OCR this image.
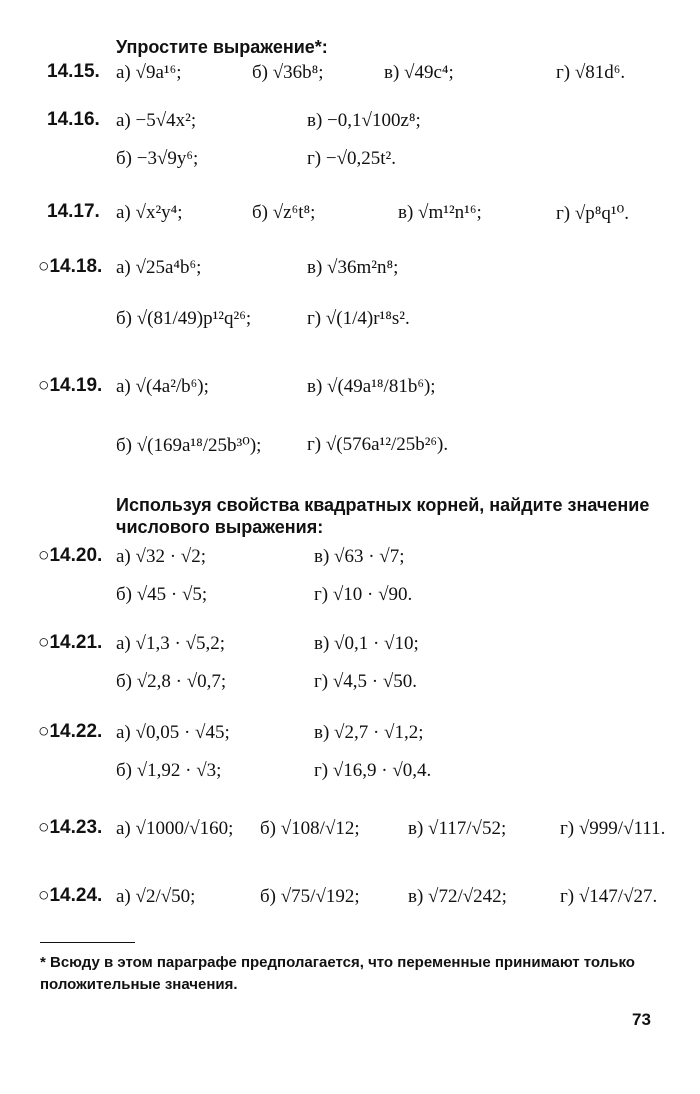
Упростите выражение*:
14.15. а) √9a¹⁶;	б) √36b⁸;	в) √49c⁴;	г) √81d⁶.
14.16. а) −5√4x²;	в) −0,1√100z⁸;
б) −3√9y⁶;	г) −√0,25t².
14.17. а) √x²y⁴;	б) √z⁶t⁸;	в) √m¹²n¹⁶;	г) √p⁸q¹⁰.
○14.18. а) √25a⁴b⁶;	в) √36m²n⁸;
б) √(81/49)p¹²q²⁶;	г) √(1/4)r¹⁸s².
○14.19. а) √(4a²/b⁶);	в) √(49a¹⁸/81b⁶);
б) √(169a¹⁸/25b³⁰); г) √(576a¹²/25b²⁶).
○14.20. а) √32 · √2;	в) √63 · √7;
б) √45 · √5;	г) √10 · √90.
○14.21. а) √1,3 · √5,2;	в) √0,1 · √10;
б) √2,8 · √0,7;	г) √4,5 · √50.
○14.22. а) √0,05 · √45;	в) √2,7 · √1,2;
б) √1,92 · √3;	г) √16,9 · √0,4.
○14.23. а) √1000/√160; б) √108/√12;	в) √117/√52;	г) √999/√111.
○14.24. а) √2/√50;	б) √75/√192;	в) √72/√242;	г) √147/√27.
Используя свойства квадратных корней, найдите значение числового выражения:
* Всюду в этом параграфе предполагается, что переменные принимают только положительные значения.
73
